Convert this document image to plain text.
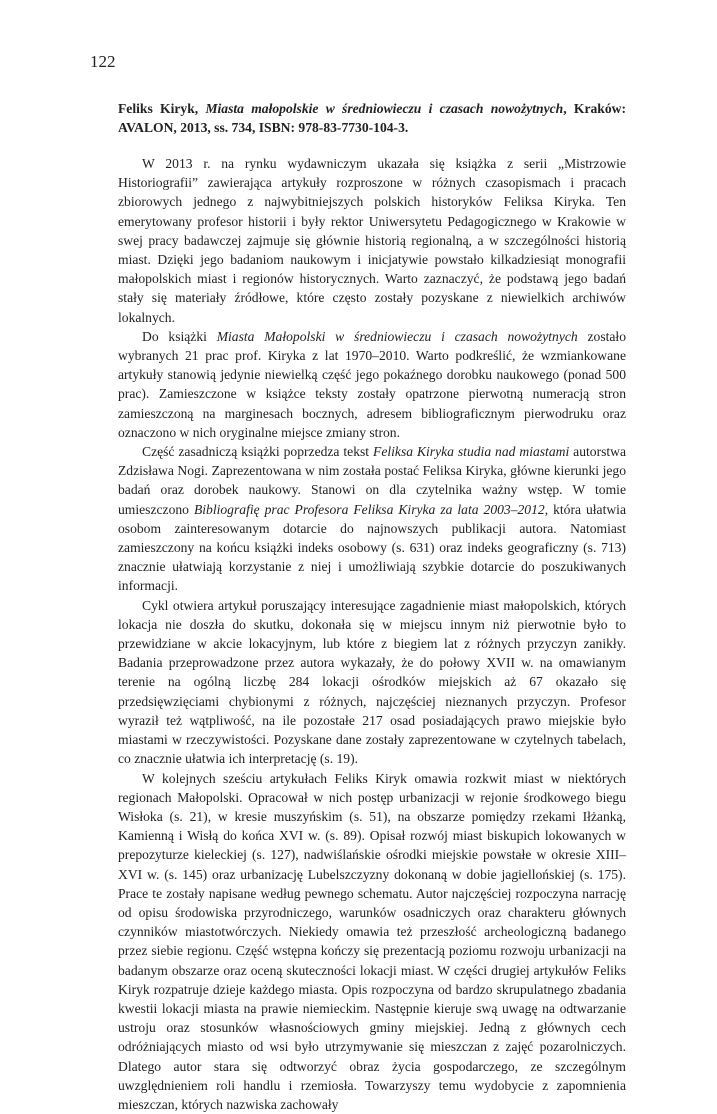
122

Feliks Kiryk, Miasta małopolskie w średniowieczu i czasach nowożytnych, Kraków: AVALON, 2013, ss. 734, ISBN: 978-83-7730-104-3.

W 2013 r. na rynku wydawniczym ukazała się książka z serii „Mistrzowie Historiografii” zawierająca artykuły rozproszone w różnych czasopismach i pracach zbiorowych jednego z najwybitniejszych polskich historyków Feliksa Kiryka. Ten emerytowany profesor historii i były rektor Uniwersytetu Pedagogicznego w Krakowie w swej pracy badawczej zajmuje się głównie historią regionalną, a w szczególności historią miast. Dzięki jego badaniom naukowym i inicjatywie powstało kilkadziesiąt monografii małopolskich miast i regionów historycznych. Warto zaznaczyć, że podstawą jego badań stały się materiały źródłowe, które często zostały pozyskane z niewielkich archiwów lokalnych.

Do książki Miasta Małopolski w średniowieczu i czasach nowożytnych zostało wybranych 21 prac prof. Kiryka z lat 1970–2010. Warto podkreślić, że wzmiankowane artykuły stanowią jedynie niewielką część jego pokaźnego dorobku naukowego (ponad 500 prac). Zamieszczone w książce teksty zostały opatrzone pierwotną numeracją stron zamieszczoną na marginesach bocznych, adresem bibliograficznym pierwodruku oraz oznaczono w nich oryginalne miejsce zmiany stron.

Część zasadniczą książki poprzedza tekst Feliksa Kiryka studia nad miastami autorstwa Zdzisława Nogi. Zaprezentowana w nim została postać Feliksa Kiryka, główne kierunki jego badań oraz dorobek naukowy. Stanowi on dla czytelnika ważny wstęp. W tomie umieszczono Bibliografię prac Profesora Feliksa Kiryka za lata 2003–2012, która ułatwia osobom zainteresowanym dotarcie do najnowszych publikacji autora. Natomiast zamieszczony na końcu książki indeks osobowy (s. 631) oraz indeks geograficzny (s. 713) znacznie ułatwiają korzystanie z niej i umożliwiają szybkie dotarcie do poszukiwanych informacji.

Cykl otwiera artykuł poruszający interesujące zagadnienie miast małopolskich, których lokacja nie doszła do skutku, dokonała się w miejscu innym niż pierwotnie było to przewidziane w akcie lokacyjnym, lub które z biegiem lat z różnych przyczyn zanikły. Badania przeprowadzone przez autora wykazały, że do połowy XVII w. na omawianym terenie na ogólną liczbę 284 lokacji ośrodków miejskich aż 67 okazało się przedsięwzięciami chybionymi z różnych, najczęściej nieznanych przyczyn. Profesor wyraził też wątpliwość, na ile pozostałe 217 osad posiadających prawo miejskie było miastami w rzeczywistości. Pozyskane dane zostały zaprezentowane w czytelnych tabelach, co znacznie ułatwia ich interpretację (s. 19).

W kolejnych sześciu artykułach Feliks Kiryk omawia rozkwit miast w niektórych regionach Małopolski. Opracował w nich postęp urbanizacji w rejonie środkowego biegu Wisłoka (s. 21), w kresie muszyńskim (s. 51), na obszarze pomiędzy rzekami Iłżanką, Kamienną i Wisłą do końca XVI w. (s. 89). Opisał rozwój miast biskupich lokowanych w prepozyturze kieleckiej (s. 127), nadwiślańskie ośrodki miejskie powstałe w okresie XIII–XVI w. (s. 145) oraz urbanizację Lubelszczyzny dokonaną w dobie jagiellońskiej (s. 175). Prace te zostały napisane według pewnego schematu. Autor najczęściej rozpoczyna narrację od opisu środowiska przyrodniczego, warunków osadniczych oraz charakteru głównych czynników miastotwórczych. Niekiedy omawia też przeszłość archeologiczną badanego przez siebie regionu. Część wstępna kończy się prezentacją poziomu rozwoju urbanizacji na badanym obszarze oraz oceną skuteczności lokacji miast. W części drugiej artykułów Feliks Kiryk rozpatruje dzieje każdego miasta. Opis rozpoczyna od bardzo skrupulatnego zbadania kwestii lokacji miasta na prawie niemieckim. Następnie kieruje swą uwagę na odtwarzanie ustroju oraz stosunków własnościowych gminy miejskiej. Jedną z głównych cech odróżniających miasto od wsi było utrzymywanie się mieszczan z zajęć pozarolniczych. Dlatego autor stara się odtworzyć obraz życia gospodarczego, ze szczególnym uwzględnieniem roli handlu i rzemiosła. Towarzyszy temu wydobycie z zapomnienia mieszczan, których nazwiska zachowały
